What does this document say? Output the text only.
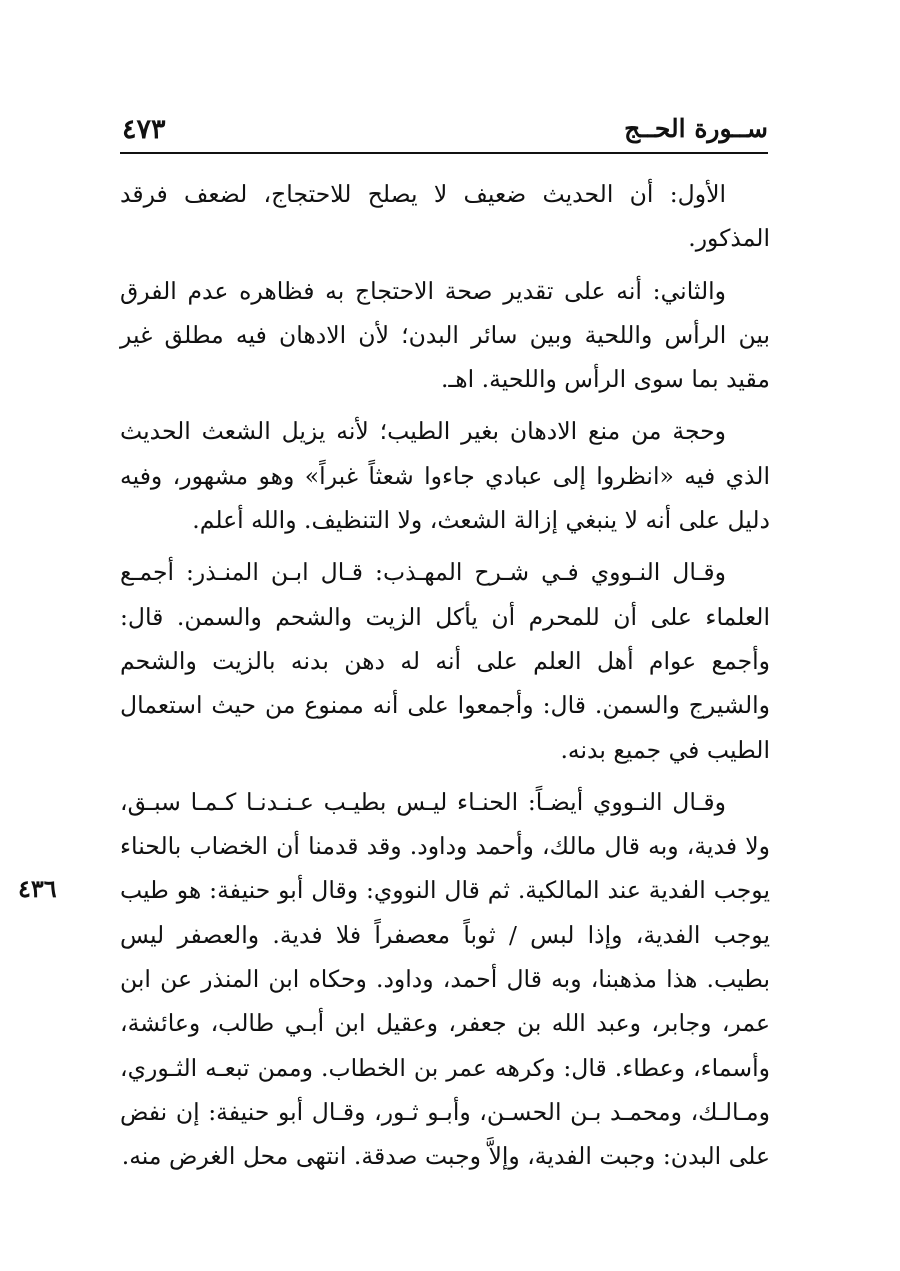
٤٧٣	ســورة الحــج

الأول: أن الحديث ضعيف لا يصلح للاحتجاج، لضعف فرقد المذكور.

والثاني: أنه على تقدير صحة الاحتجاج به فظاهره عدم الفرق بين الرأس واللحية وبين سائر البدن؛ لأن الادهان فيه مطلق غير مقيد بما سوى الرأس واللحية. اهـ.

وحجة من منع الادهان بغير الطيب؛ لأنه يزيل الشعث الحديث الذي فيه «انظروا إلى عبادي جاءوا شعثاً غبراً» وهو مشهور، وفيه دليل على أنه لا ينبغي إزالة الشعث، ولا التنظيف. والله أعلم.

وقـال النـووي فـي شـرح المهـذب: قـال ابـن المنـذر: أجمـع العلماء على أن للمحرم أن يأكل الزيت والشحم والسمن. قال: وأجمع عوام أهل العلم على أنه له دهن بدنه بالزيت والشحم والشيرج والسمن. قال: وأجمعوا على أنه ممنوع من حيث استعمال الطيب في جميع بدنه.

وقـال النـووي أيضـاً: الحنـاء ليـس بطيـب عـنـدنـا كـمـا سبـق، ولا فدية، وبه قال مالك، وأحمد وداود. وقد قدمنا أن الخضاب بالحناء يوجب الفدية عند المالكية. ثم قال النووي: وقال أبو حنيفة: هو طيب يوجب الفدية، وإذا لبس / ثوباً معصفراً فلا فدية. والعصفر ليس بطيب. هذا مذهبنا، وبه قال أحمد، وداود. وحكاه ابن المنذر عن ابن عمر، وجابر، وعبد الله بن جعفر، وعقيل ابن أبـي طالب، وعائشة، وأسماء، وعطاء. قال: وكرهه عمر بن الخطاب. وممن تبعـه الثـوري، ومـالـك، ومحمـد بـن الحسـن، وأبـو ثـور، وقـال أبو حنيفة: إن نفض على البدن: وجبت الفدية، وإلاَّ وجبت صدقة. انتهى محل الغرض منه.

٤٣٦
